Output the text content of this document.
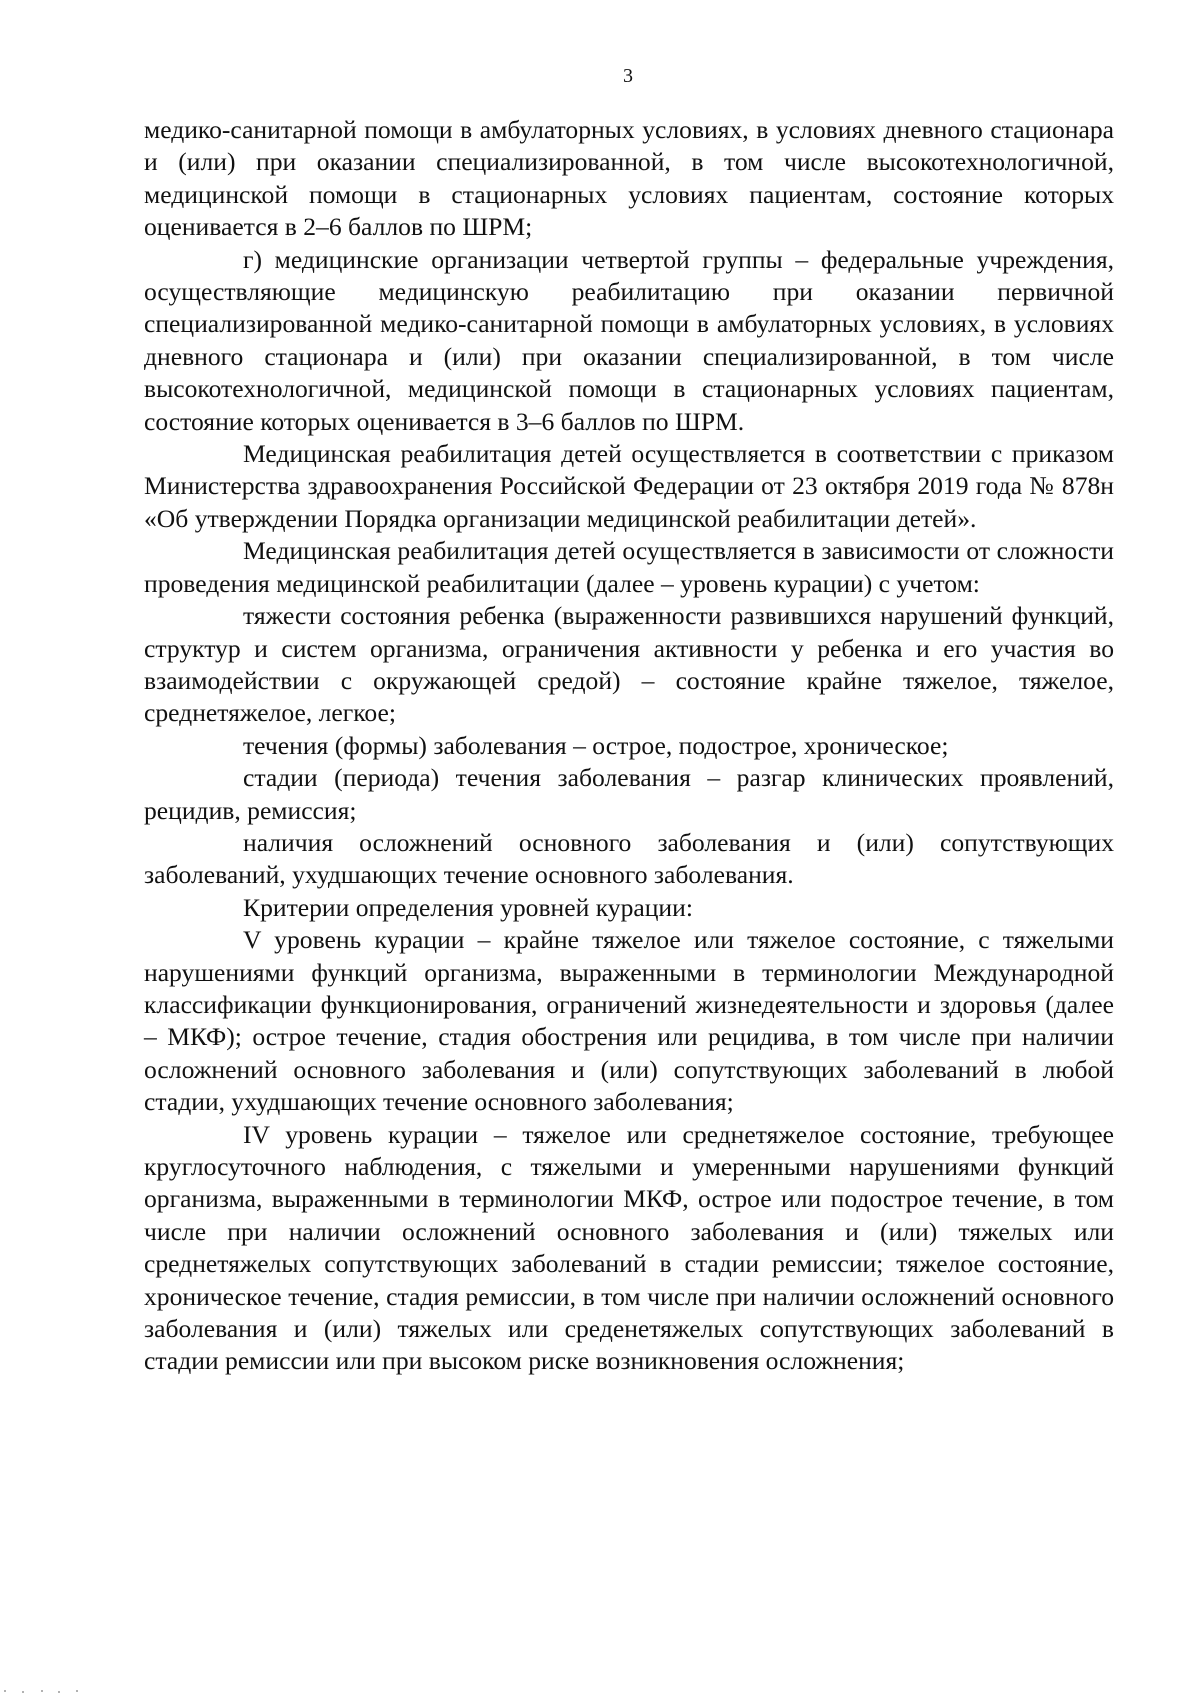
3

медико-санитарной помощи в амбулаторных условиях, в условиях дневного стационара и (или) при оказании специализированной, в том числе высокотехнологичной, медицинской помощи в стационарных условиях пациентам, состояние которых оценивается в 2–6 баллов по ШРМ;

г) медицинские организации четвертой группы – федеральные учреждения, осуществляющие медицинскую реабилитацию при оказании первичной специализированной медико-санитарной помощи в амбулаторных условиях, в условиях дневного стационара и (или) при оказании специализированной, в том числе высокотехнологичной, медицинской помощи в стационарных условиях пациентам, состояние которых оценивается в 3–6 баллов по ШРМ.

Медицинская реабилитация детей осуществляется в соответствии с приказом Министерства здравоохранения Российской Федерации от 23 октября 2019 года № 878н «Об утверждении Порядка организации медицинской реабилитации детей».

Медицинская реабилитация детей осуществляется в зависимости от сложности проведения медицинской реабилитации (далее – уровень курации) с учетом:

тяжести состояния ребенка (выраженности развившихся нарушений функций, структур и систем организма, ограничения активности у ребенка и его участия во взаимодействии с окружающей средой) – состояние крайне тяжелое, тяжелое, среднетяжелое, легкое;

течения (формы) заболевания – острое, подострое, хроническое;

стадии (периода) течения заболевания – разгар клинических проявлений, рецидив, ремиссия;

наличия осложнений основного заболевания и (или) сопутствующих заболеваний, ухудшающих течение основного заболевания.

Критерии определения уровней курации:

V уровень курации – крайне тяжелое или тяжелое состояние, с тяжелыми нарушениями функций организма, выраженными в терминологии Международной классификации функционирования, ограничений жизнедеятельности и здоровья (далее – МКФ); острое течение, стадия обострения или рецидива, в том числе при наличии осложнений основного заболевания и (или) сопутствующих заболеваний в любой стадии, ухудшающих течение основного заболевания;

IV уровень курации – тяжелое или среднетяжелое состояние, требующее круглосуточного наблюдения, с тяжелыми и умеренными нарушениями функций организма, выраженными в терминологии МКФ, острое или подострое течение, в том числе при наличии осложнений основного заболевания и (или) тяжелых или среднетяжелых сопутствующих заболеваний в стадии ремиссии; тяжелое состояние, хроническое течение, стадия ремиссии, в том числе при наличии осложнений основного заболевания и (или) тяжелых или среденетяжелых сопутствующих заболеваний в стадии ремиссии или при высоком риске возникновения осложнения;
